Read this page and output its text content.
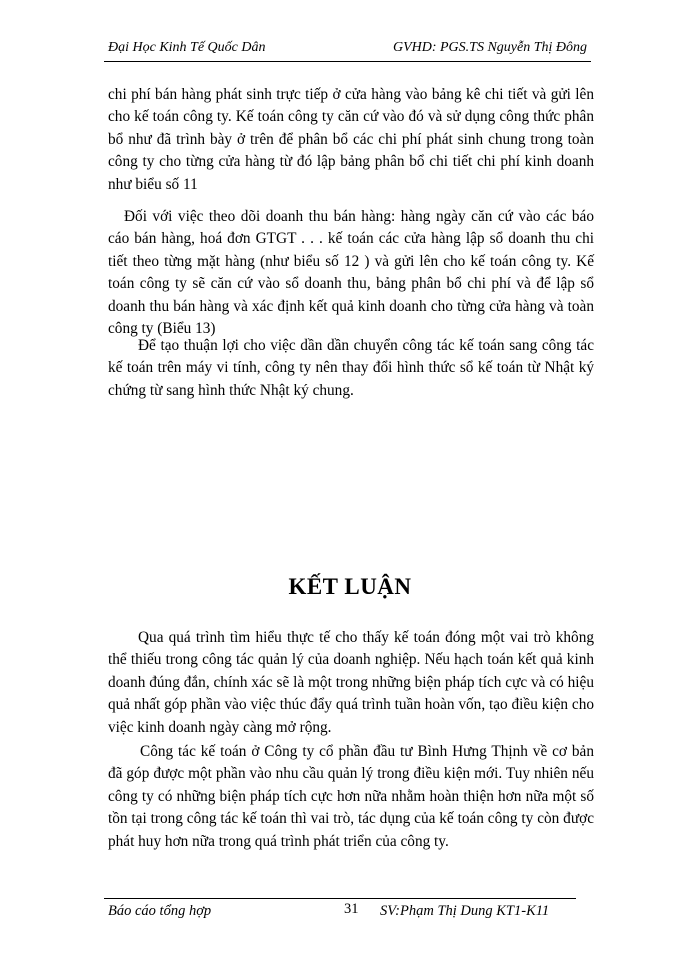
Đại Học Kinh Tế Quốc Dân	GVHD: PGS.TS Nguyễn Thị Đông

chi phí bán hàng phát sinh trực tiếp ở cửa hàng vào bảng kê chi tiết và gửi lên cho kế toán công ty. Kế toán công ty căn cứ vào đó và sử dụng công thức phân bổ như đã trình bày ở trên để phân bổ các chi phí phát sinh chung trong toàn công ty cho từng cửa hàng từ đó lập bảng phân bổ chi tiết chi phí kinh doanh như biểu số 11

Đối với việc theo dõi doanh thu bán hàng: hàng ngày căn cứ vào các báo cáo bán hàng, hoá đơn GTGT . . . kế toán các cửa hàng lập sổ doanh thu chi tiết theo từng mặt hàng (như biểu số 12 ) và gửi lên cho kế toán công ty. Kế toán công ty sẽ căn cứ vào sổ doanh thu, bảng phân bổ chi phí và để lập sổ doanh thu bán hàng và xác định kết quả kinh doanh cho từng cửa hàng và toàn công ty (Biểu 13)

Để tạo thuận lợi cho việc dần dần chuyển công tác kế toán sang công tác kế toán trên máy vi tính, công ty nên thay đổi hình thức sổ kế toán từ Nhật ký chứng từ sang hình thức Nhật ký chung.

KẾT LUẬN

Qua quá trình tìm hiểu thực tế cho thấy kế toán đóng một vai trò không thể thiếu trong công tác quản lý của doanh nghiệp. Nếu hạch toán kết quả kinh doanh đúng đắn, chính xác sẽ là một trong những biện pháp tích cực và có hiệu quả nhất góp phần vào việc thúc đẩy quá trình tuần hoàn vốn, tạo điều kiện cho việc kinh doanh ngày càng mở rộng.

Công tác kế toán ở Công ty cổ phần đầu tư Bình Hưng Thịnh về cơ bản đã góp được một phần vào nhu cầu quản lý trong điều kiện mới. Tuy nhiên nếu công ty có những biện pháp tích cực hơn nữa nhằm hoàn thiện hơn nữa một số tồn tại trong công tác kế toán thì vai trò, tác dụng của kế toán công ty còn được phát huy hơn nữa trong quá trình phát triển của công ty.

Báo cáo tổng hợp	31 SV:Phạm Thị Dung KT1-K11
